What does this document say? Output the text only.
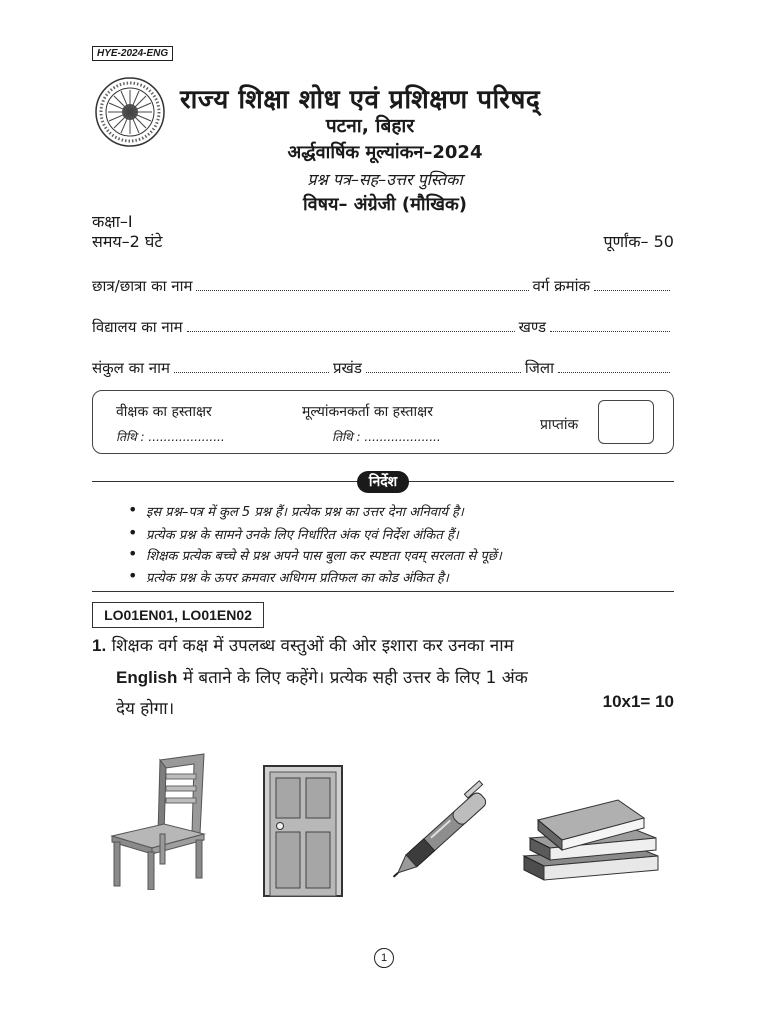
HYE-2024-ENG
राज्य शिक्षा शोध एवं प्रशिक्षण परिषद्
पटना, बिहार
अर्द्धवार्षिक मूल्यांकन–2024
प्रश्न पत्र–सह–उत्तर पुस्तिका
विषय– अंग्रेजी (मौखिक)
कक्षा–I
समय–2 घंटे	पूर्णांक– 50
छात्र/छात्रा का नाम	वर्ग क्रमांक
विद्यालय का नाम	खण्ड
संकुल का नाम	प्रखंड	जिला
वीक्षक का हस्ताक्षर
तिथि : ....................
मूल्यांकनकर्ता का हस्ताक्षर
तिथि : ....................
प्राप्तांक
निर्देश
• इस प्रश्न–पत्र में कुल 5 प्रश्न हैं। प्रत्येक प्रश्न का उत्तर देना अनिवार्य है।
• प्रत्येक प्रश्न के सामने उनके लिए निर्धारित अंक एवं निर्देश अंकित हैं।
• शिक्षक प्रत्येक बच्चे से प्रश्न अपने पास बुला कर स्पष्टता एवम् सरलता से पूछें।
• प्रत्येक प्रश्न के ऊपर क्रमवार अधिगम प्रतिफल का कोड अंकित है।
LO01EN01, LO01EN02
1. शिक्षक वर्ग कक्ष में उपलब्ध वस्तुओं की ओर इशारा कर उनका नाम
English में बताने के लिए कहेंगे। प्रत्येक सही उत्तर के लिए 1 अंक
देय होगा।	10x1= 10
1
